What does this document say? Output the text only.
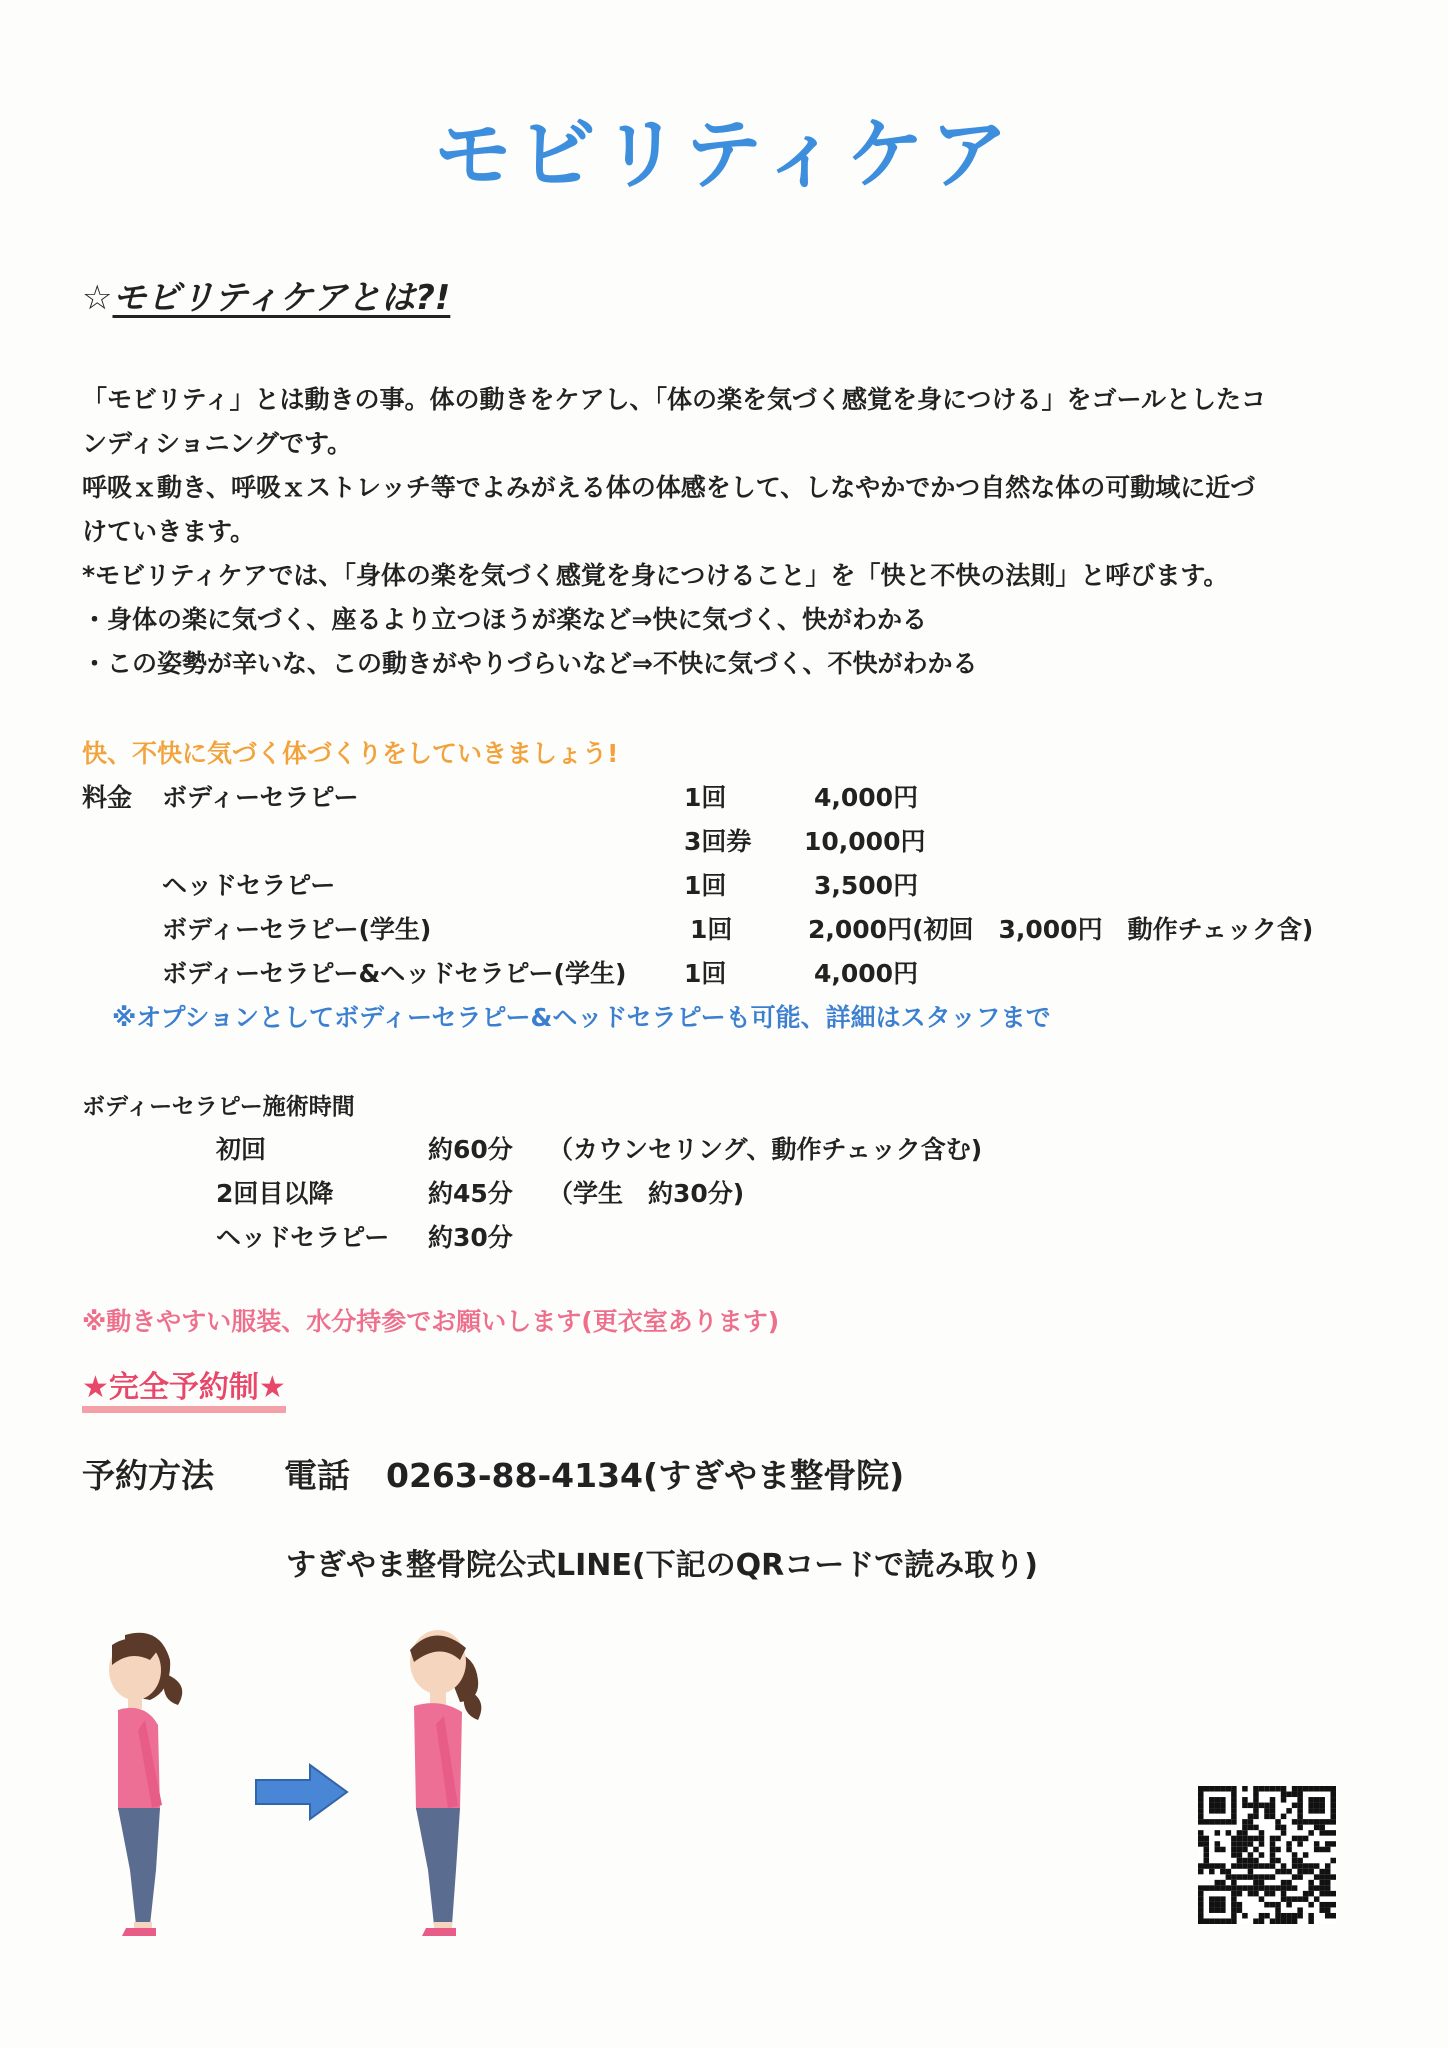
モビリティケア
☆モビリティケアとは?!
「モビリティ」とは動きの事。体の動きをケアし、「体の楽を気づく感覚を身につける」をゴールとしたコ
ンディショニングです。
呼吸ｘ動き、呼吸ｘストレッチ等でよみがえる体の体感をして、しなやかでかつ自然な体の可動域に近づ
けていきます。
*モビリティケアでは、「身体の楽を気づく感覚を身につけること」を「快と不快の法則」と呼びます。
・身体の楽に気づく、座るより立つほうが楽など⇒快に気づく、快がわかる
・この姿勢が辛いな、この動きがやりづらいなど⇒不快に気づく、不快がわかる
快、不快に気づく体づくりをしていきましょう!
料金 ボディーセラピー	1回	4,000円
3回券 10,000円
ヘッドセラピー	1回	3,500円
ボディーセラピー(学生)	1回	2,000円(初回　3,000円　動作チェック含)
ボディーセラピー&ヘッドセラピー(学生) 1回	4,000円
※オプションとしてボディーセラピー&ヘッドセラピーも可能、詳細はスタッフまで
ボディーセラピー施術時間
初回	約60分 （カウンセリング、動作チェック含む)
2回目以降	約45分 （学生　約30分)
ヘッドセラピー 約30分
※動きやすい服装、水分持参でお願いします(更衣室あります)
★完全予約制★
予約方法 電話 0263-88-4134(すぎやま整骨院)
すぎやま整骨院公式LINE(下記のQRコードで読み取り)
